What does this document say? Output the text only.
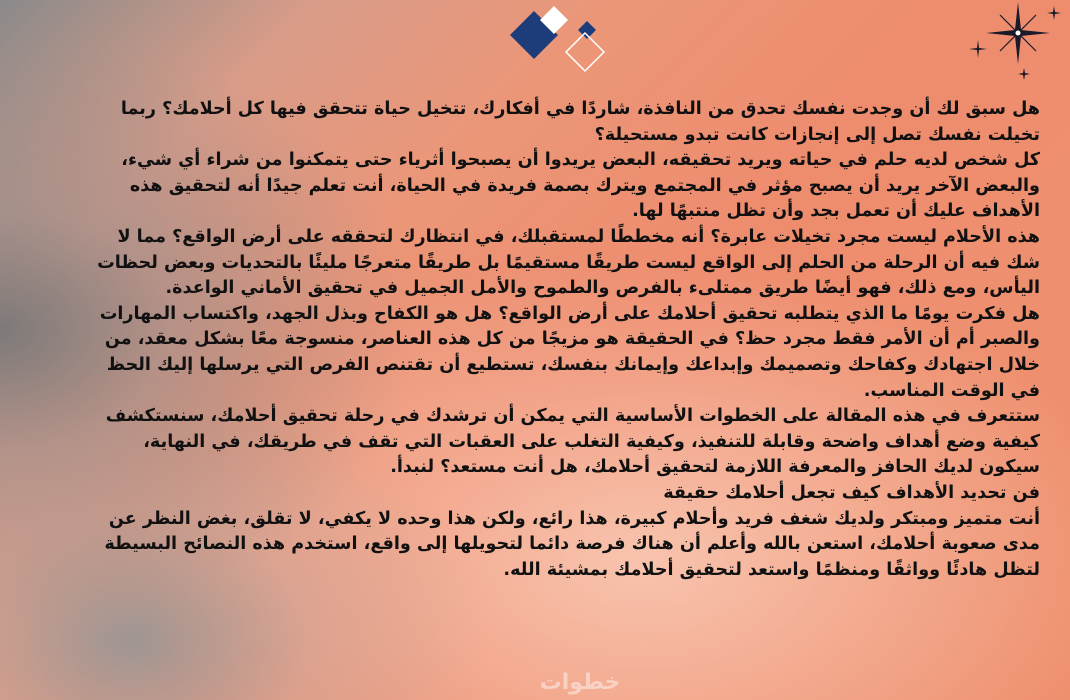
هل سبق لك أن وجدت نفسك تحدق من النافذة، شاردًا في أفكارك، تتخيل حياة تتحقق فيها كل أحلامك؟ ربما تخيلت نفسك تصل إلى إنجازات كانت تبدو مستحيلة؟

كل شخص لديه حلم في حياته ويريد تحقيقه، البعض يريدوا أن يصبحوا أثرياء حتى يتمكنوا من شراء أي شيء، والبعض الآخر يريد أن يصبح مؤثر في المجتمع ويترك بصمة فريدة في الحياة، أنت تعلم جيدًا أنه لتحقيق هذه الأهداف عليك أن تعمل بجد وأن تظل منتبهًا لها.

هذه الأحلام ليست مجرد تخيلات عابرة؟ أنه مخططًا لمستقبلك، في انتظارك لتحققه على أرض الواقع؟ مما لا شك فيه أن الرحلة من الحلم إلى الواقع ليست طريقًا مستقيمًا بل طريقًا متعرجًا مليئًا بالتحديات وبعض لحظات اليأس، ومع ذلك، فهو أيضًا طريق ممتلىء بالفرص والطموح والأمل الجميل في تحقيق الأماني الواعدة.

هل فكرت يومًا ما الذي يتطلبه تحقيق أحلامك على أرض الواقع؟ هل هو الكفاح وبذل الجهد، واكتساب المهارات والصبر أم أن الأمر فقط مجرد حظ؟ في الحقيقة هو مزيجًا من كل هذه العناصر، منسوجة معًا بشكل معقد، من خلال اجتهادك وكفاحك وتصميمك وإبداعك وإيمانك بنفسك، تستطيع أن تقتنص الفرص التي يرسلها إليك الحظ في الوقت المناسب.

ستتعرف في هذه المقالة على الخطوات الأساسية التي يمكن أن ترشدك في رحلة تحقيق أحلامك، سنستكشف كيفية وضع أهداف واضحة وقابلة للتنفيذ، وكيفية التغلب على العقبات التي تقف في طريقك، في النهاية، سيكون لديك الحافز والمعرفة اللازمة لتحقيق أحلامك، هل أنت مستعد؟ لنبدأ.

فن تحديد الأهداف كيف تجعل أحلامك حقيقة

أنت متميز ومبتكر ولديك شغف فريد وأحلام كبيرة، هذا رائع، ولكن هذا وحده لا يكفي، لا تقلق، بغض النظر عن مدى صعوبة أحلامك، استعن بالله وأعلم أن هناك فرصة دائما لتحويلها إلى واقع، استخدم هذه النصائح البسيطة لتظل هادئًا وواثقًا ومنظمًا واستعد لتحقيق أحلامك بمشيئة الله.

خطوات
